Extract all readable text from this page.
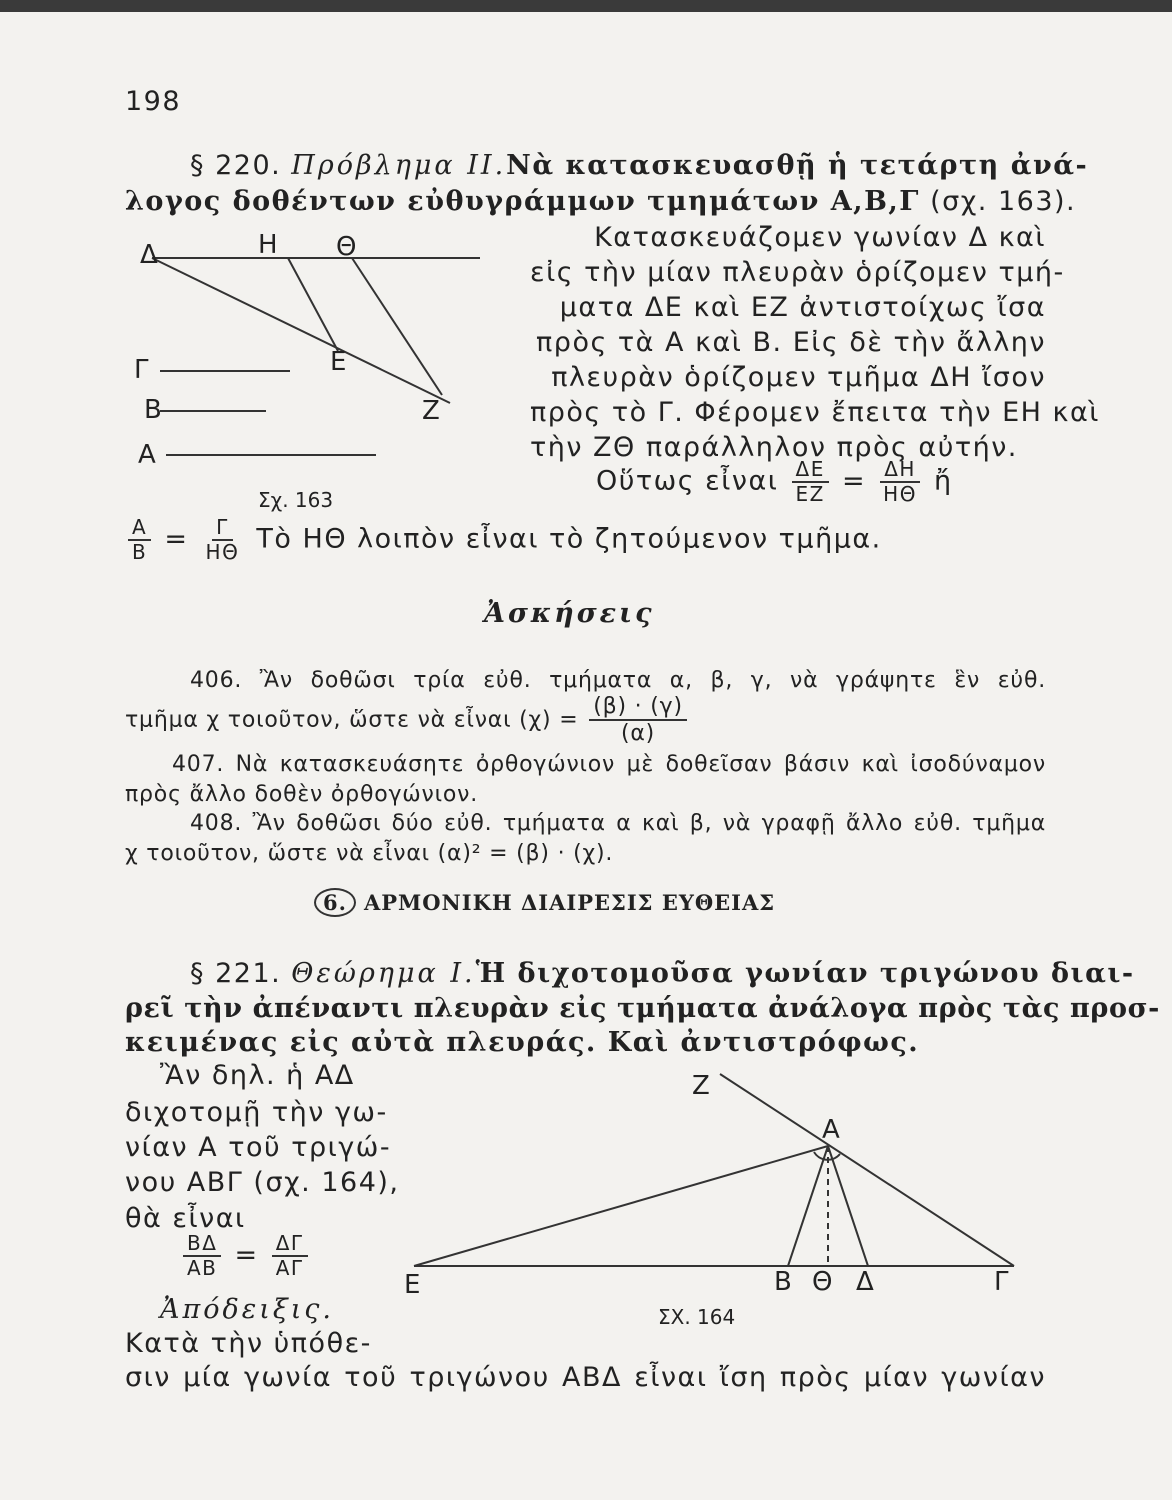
198
§ 220. Πρόβλημα ΙΙ. Νὰ κατασκευασθῇ ἡ τετάρτη ἀνά-
λογος δοθέντων εὐθυγράμμων τμημάτων Α,Β,Γ (σχ. 163).
Δ	Η Θ
Γ	Ε
Β	Ζ
Α
Σχ. 163
Κατασκευάζομεν γωνίαν Δ καὶ
εἰς τὴν μίαν πλευρὰν ὁρίζομεν τμή-
ματα ΔΕ καὶ ΕΖ ἀντιστοίχως ἴσα
πρὸς τὰ Α καὶ Β. Εἰς δὲ τὴν ἄλλην
πλευρὰν ὁρίζομεν τμῆμα ΔΗ ἴσον
πρὸς τὸ Γ. Φέρομεν ἔπειτα τὴν ΕΗ καὶ
τὴν ΖΘ παράλληλον πρὸς αὐτήν.
Οὕτως εἶναι $\frac{\Delta E}{EZ} = \frac{\Delta H}{H\Theta}$ ἤ
$\frac{A}{B} = \frac{\Gamma}{H\Theta}$ Τὸ ΗΘ λοιπὸν εἶναι τὸ ζητούμενον τμῆμα.
Ἀσκήσεις
406. Ἂν δοθῶσι τρία εὐθ. τμήματα α, β, γ, νὰ γράψητε ἓν εὐθ.
τμῆμα χ τοιοῦτον, ὥστε νὰ εἶναι $(\chi) = \frac{(\beta) \cdot (\gamma)}{(\alpha)}$
407. Νὰ κατασκευάσητε ὀρθογώνιον μὲ δοθεῖσαν βάσιν καὶ ἰσοδύναμον
πρὸς ἄλλο δοθὲν ὀρθογώνιον.
408. Ἂν δοθῶσι δύο εὐθ. τμήματα α καὶ β, νὰ γραφῇ ἄλλο εὐθ. τμῆμα
χ τοιοῦτον, ὥστε νὰ εἶναι (α)² = (β) · (χ).
6. ΑΡΜΟΝΙΚΗ ΔΙΑΙΡΕΣΙΣ ΕΥΘΕΙΑΣ
§ 221. Θεώρημα Ι. Ἡ διχοτομοῦσα γωνίαν τριγώνου διαι-
ρεῖ τὴν ἀπέναντι πλευρὰν εἰς τμήματα ἀνάλογα πρὸς τὰς προσ-
κειμένας εἰς αὐτὰ πλευράς. Καὶ ἀντιστρόφως.
Ἂν δηλ. ἡ ΑΔ
διχοτομῇ τὴν γω-
νίαν Α τοῦ τριγώ-
νου ΑΒΓ (σχ. 164),
θὰ εἶναι
$\frac{B\Delta}{AB} = \frac{\Delta\Gamma}{A\Gamma}$
Ἀπόδειξις.
Κατὰ τὴν ὑπόθε-
σιν μία γωνία τοῦ τριγώνου ΑΒΔ εἶναι ἴση πρὸς μίαν γωνίαν
Ζ
Α
Ε	Β Θ Δ	Γ
ΣΧ. 164
